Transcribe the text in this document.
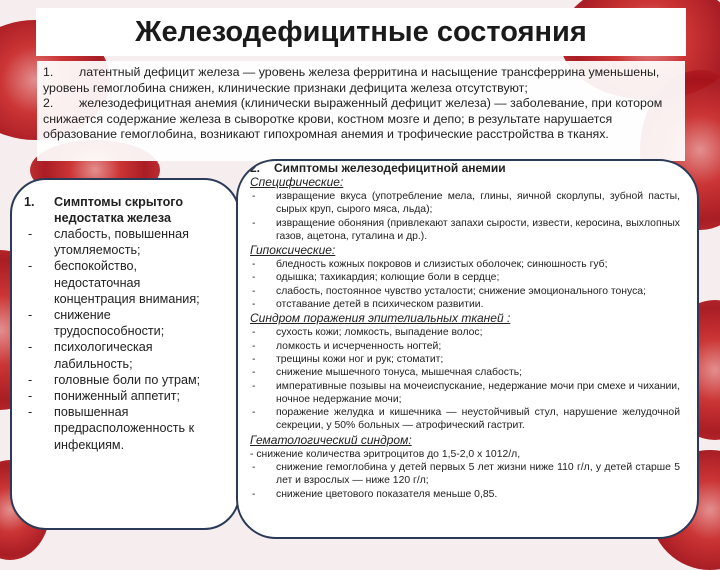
Железодефицитные состояния

1. латентный дефицит железа — уровень железа ферритина и насыщение трансферрина уменьшены, уровень гемоглобина снижен, клинические признаки дефицита железа отсутствуют;

2. железодефицитная анемия (клинически выраженный дефицит железа) — заболевание, при котором снижается содержание железа в сыворотке крови, костном мозге и депо; в результате нарушается образование гемоглобина, возникают гипохромная анемия и трофические расстройства в тканях.

1. Симптомы скрытого недостатка железа
- слабость, повышенная утомляемость;
- беспокойство, недостаточная концентрация внимания;
- снижение трудоспособности;
- психологическая лабильность;
- головные боли по утрам;
- пониженный аппетит;
- повышенная предрасположенность к инфекциям.
2. Симптомы железодефицитной анемии
Специфические:
- извращение вкуса (употребление мела, глины, яичной скорлупы, зубной пасты, сырых круп, сырого мяса, льда);
- извращение обоняния (привлекают запахи сырости, извести, керосина, выхлопных газов, ацетона, гуталина и др.).
Гипоксические:
- бледность кожных покровов и слизистых оболочек; синюшность губ;
- одышка; тахикардия; колющие боли в сердце;
- слабость, постоянное чувство усталости; снижение эмоционального тонуса;
- отставание детей в психическом развитии.
Синдром поражения эпителиальных тканей :
- сухость кожи; ломкость, выпадение волос;
- ломкость и исчерченность ногтей;
- трещины кожи ног и рук; стоматит;
- снижение мышечного тонуса, мышечная слабость;
- императивные позывы на мочеиспускание, недержание мочи при смехе и чихании, ночное недержание мочи;
- поражение желудка и кишечника — неустойчивый стул, нарушение желудочной секреции, у 50% больных — атрофический гастрит.
Гематологический синдром:

- снижение количества эритроцитов до 1,5-2,0 х 1012/л,

- снижение гемоглобина у детей первых 5 лет жизни ниже 110 г/л, у детей старше 5 лет и взрослых — ниже 120 г/л;
- снижение цветового показателя меньше 0,85.
